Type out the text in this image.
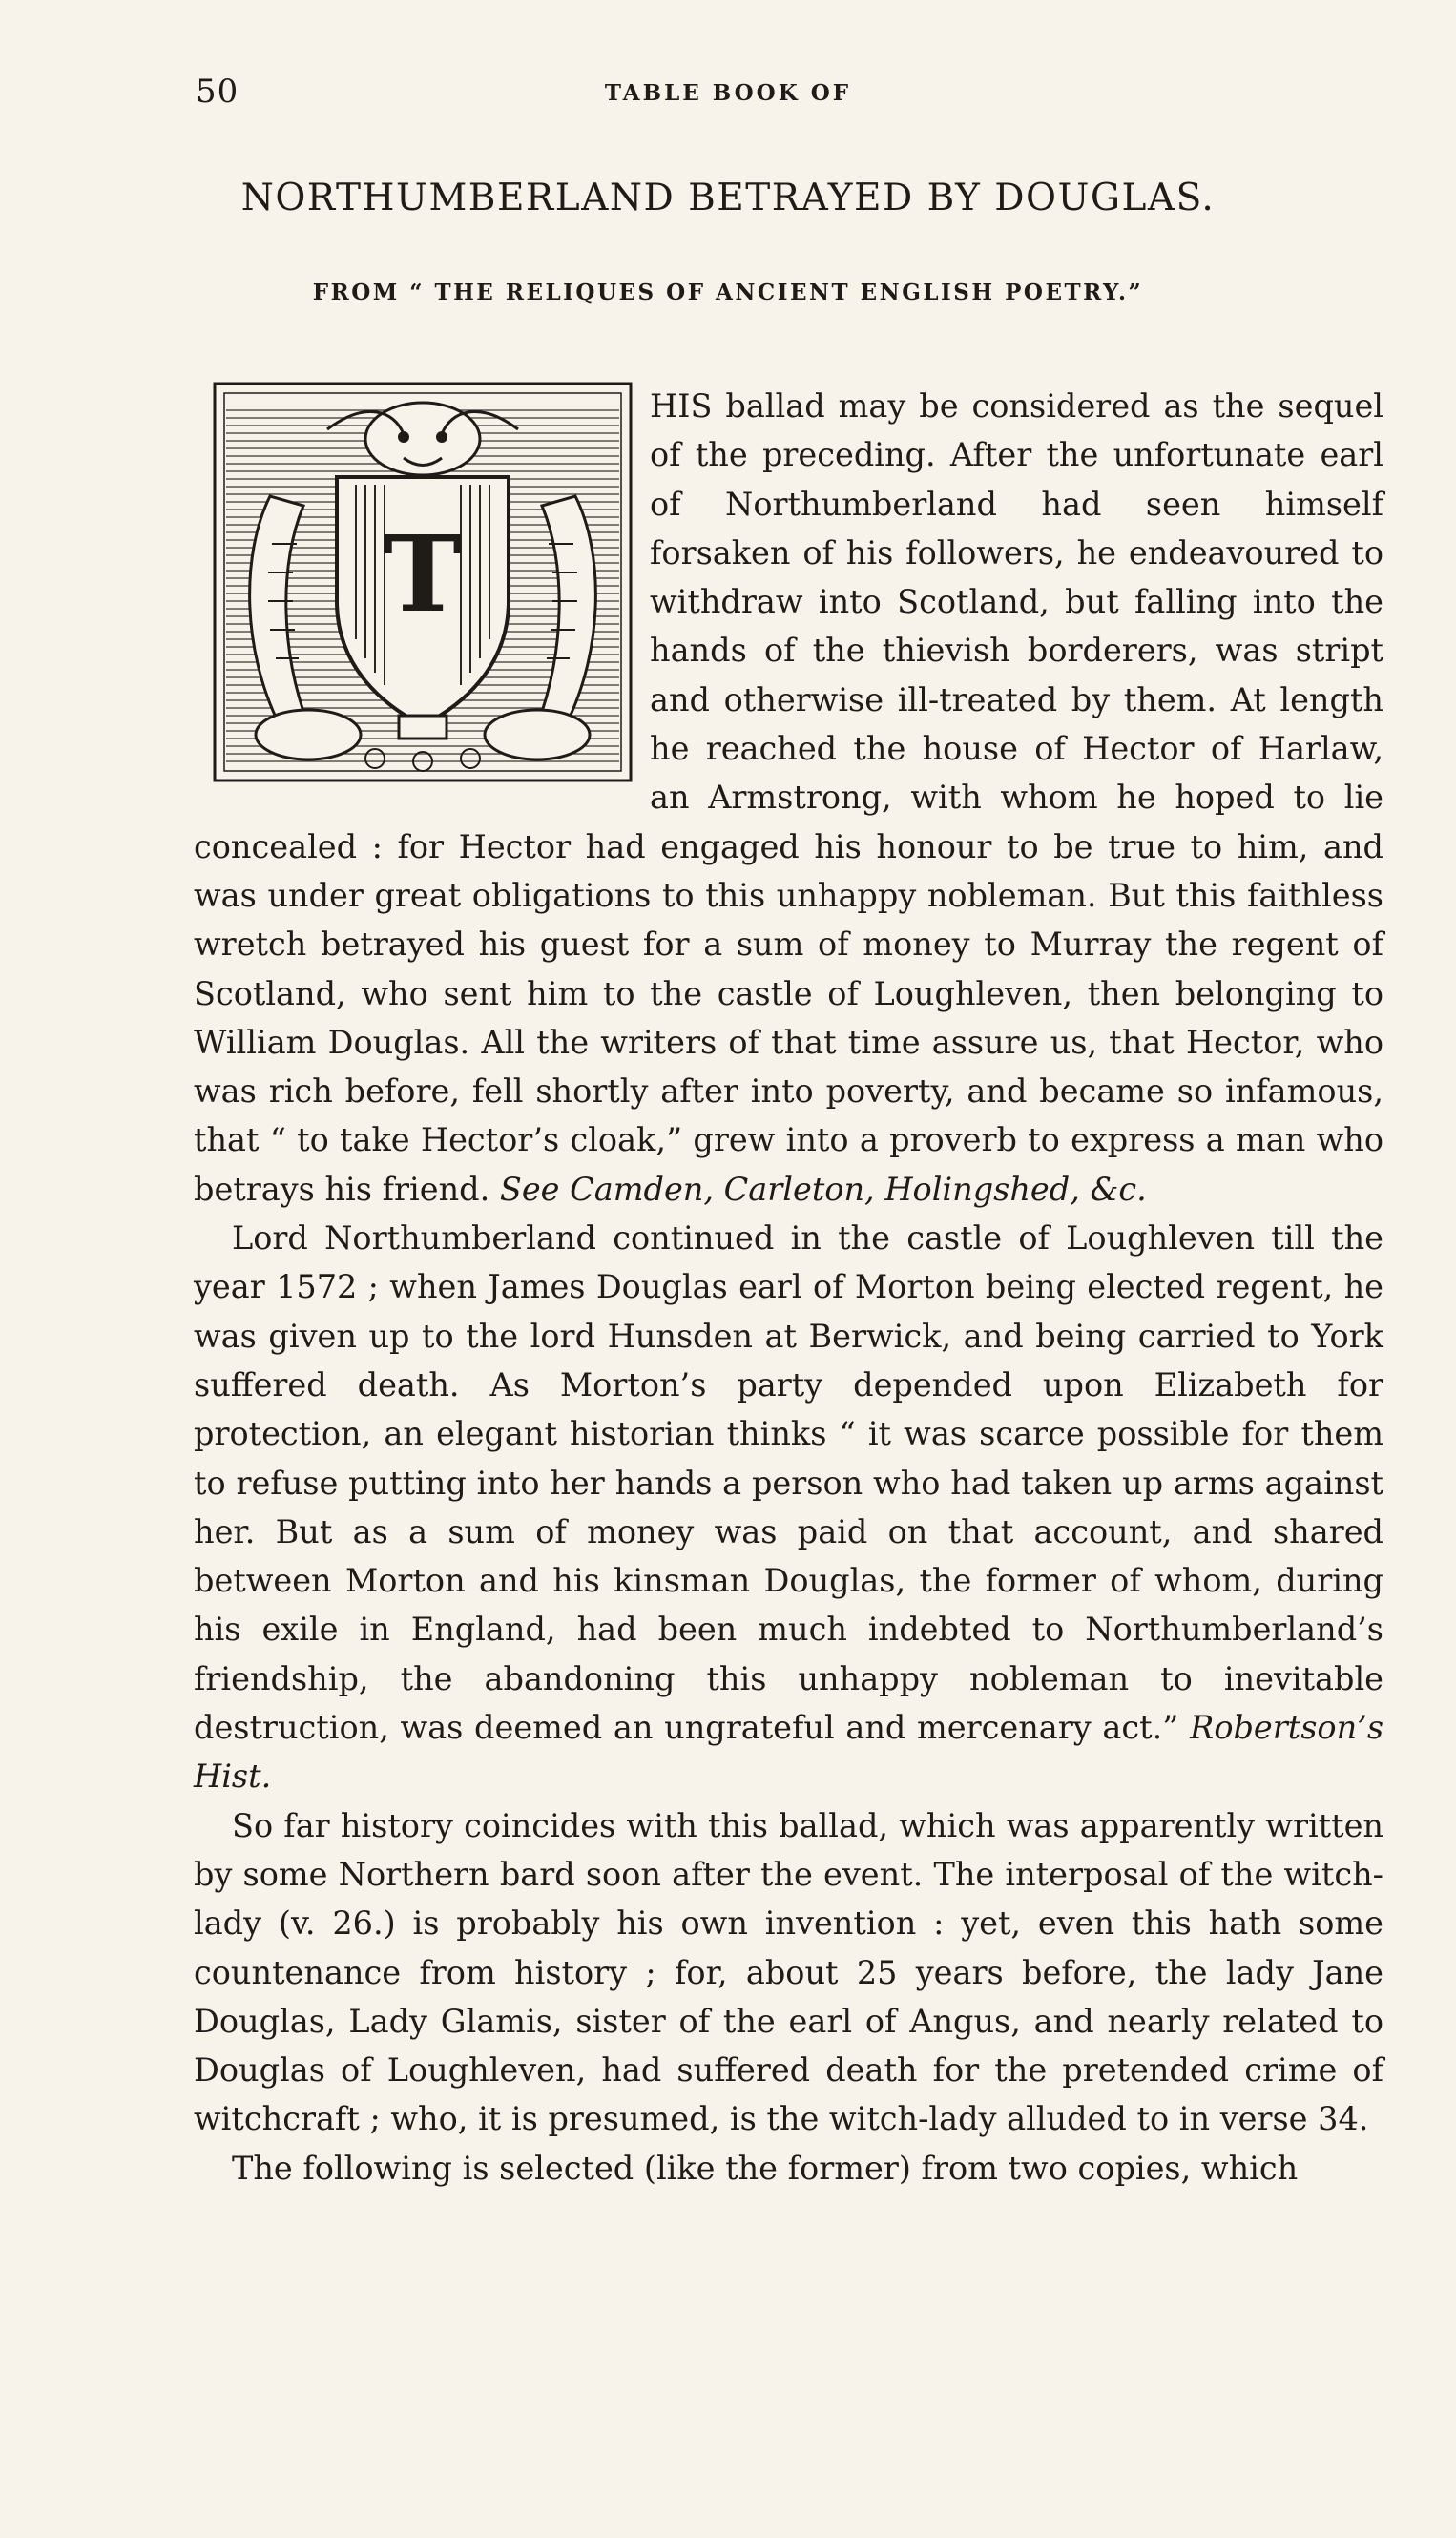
50	TABLE BOOK OF
NORTHUMBERLAND BETRAYED BY DOUGLAS.
FROM “ THE RELIQUES OF ANCIENT ENGLISH POETRY.”
T

HIS ballad may be considered as the sequel of the preceding. After the unfortunate earl of Northumberland had seen himself forsaken of his followers, he endeavoured to withdraw into Scotland, but falling into the hands of the thievish borderers, was stript and otherwise ill-treated by them. At length he reached the house of Hector of Harlaw, an Armstrong, with whom he hoped to lie concealed : for Hector had engaged his honour to be true to him, and was under great obligations to this unhappy nobleman. But this faithless wretch betrayed his guest for a sum of money to Murray the regent of Scotland, who sent him to the castle of Loughleven, then belonging to William Douglas. All the writers of that time assure us, that Hector, who was rich before, fell shortly after into poverty, and became so infamous, that “ to take Hector’s cloak,” grew into a proverb to express a man who betrays his friend. See Camden, Carleton, Holingshed, &c.

Lord Northumberland continued in the castle of Loughleven till the year 1572 ; when James Douglas earl of Morton being elected regent, he was given up to the lord Hunsden at Berwick, and being carried to York suffered death. As Morton’s party depended upon Elizabeth for protection, an elegant historian thinks “ it was scarce possible for them to refuse putting into her hands a person who had taken up arms against her. But as a sum of money was paid on that account, and shared between Morton and his kinsman Douglas, the former of whom, during his exile in England, had been much indebted to Northumberland’s friendship, the abandoning this unhappy nobleman to inevitable destruction, was deemed an ungrateful and mercenary act.” Robertson’s Hist.

So far history coincides with this ballad, which was apparently written by some Northern bard soon after the event. The interposal of the witch-lady (v. 26.) is probably his own invention : yet, even this hath some countenance from history ; for, about 25 years before, the lady Jane Douglas, Lady Glamis, sister of the earl of Angus, and nearly related to Douglas of Loughleven, had suffered death for the pretended crime of witchcraft ; who, it is presumed, is the witch-lady alluded to in verse 34.

The following is selected (like the former) from two copies, which
